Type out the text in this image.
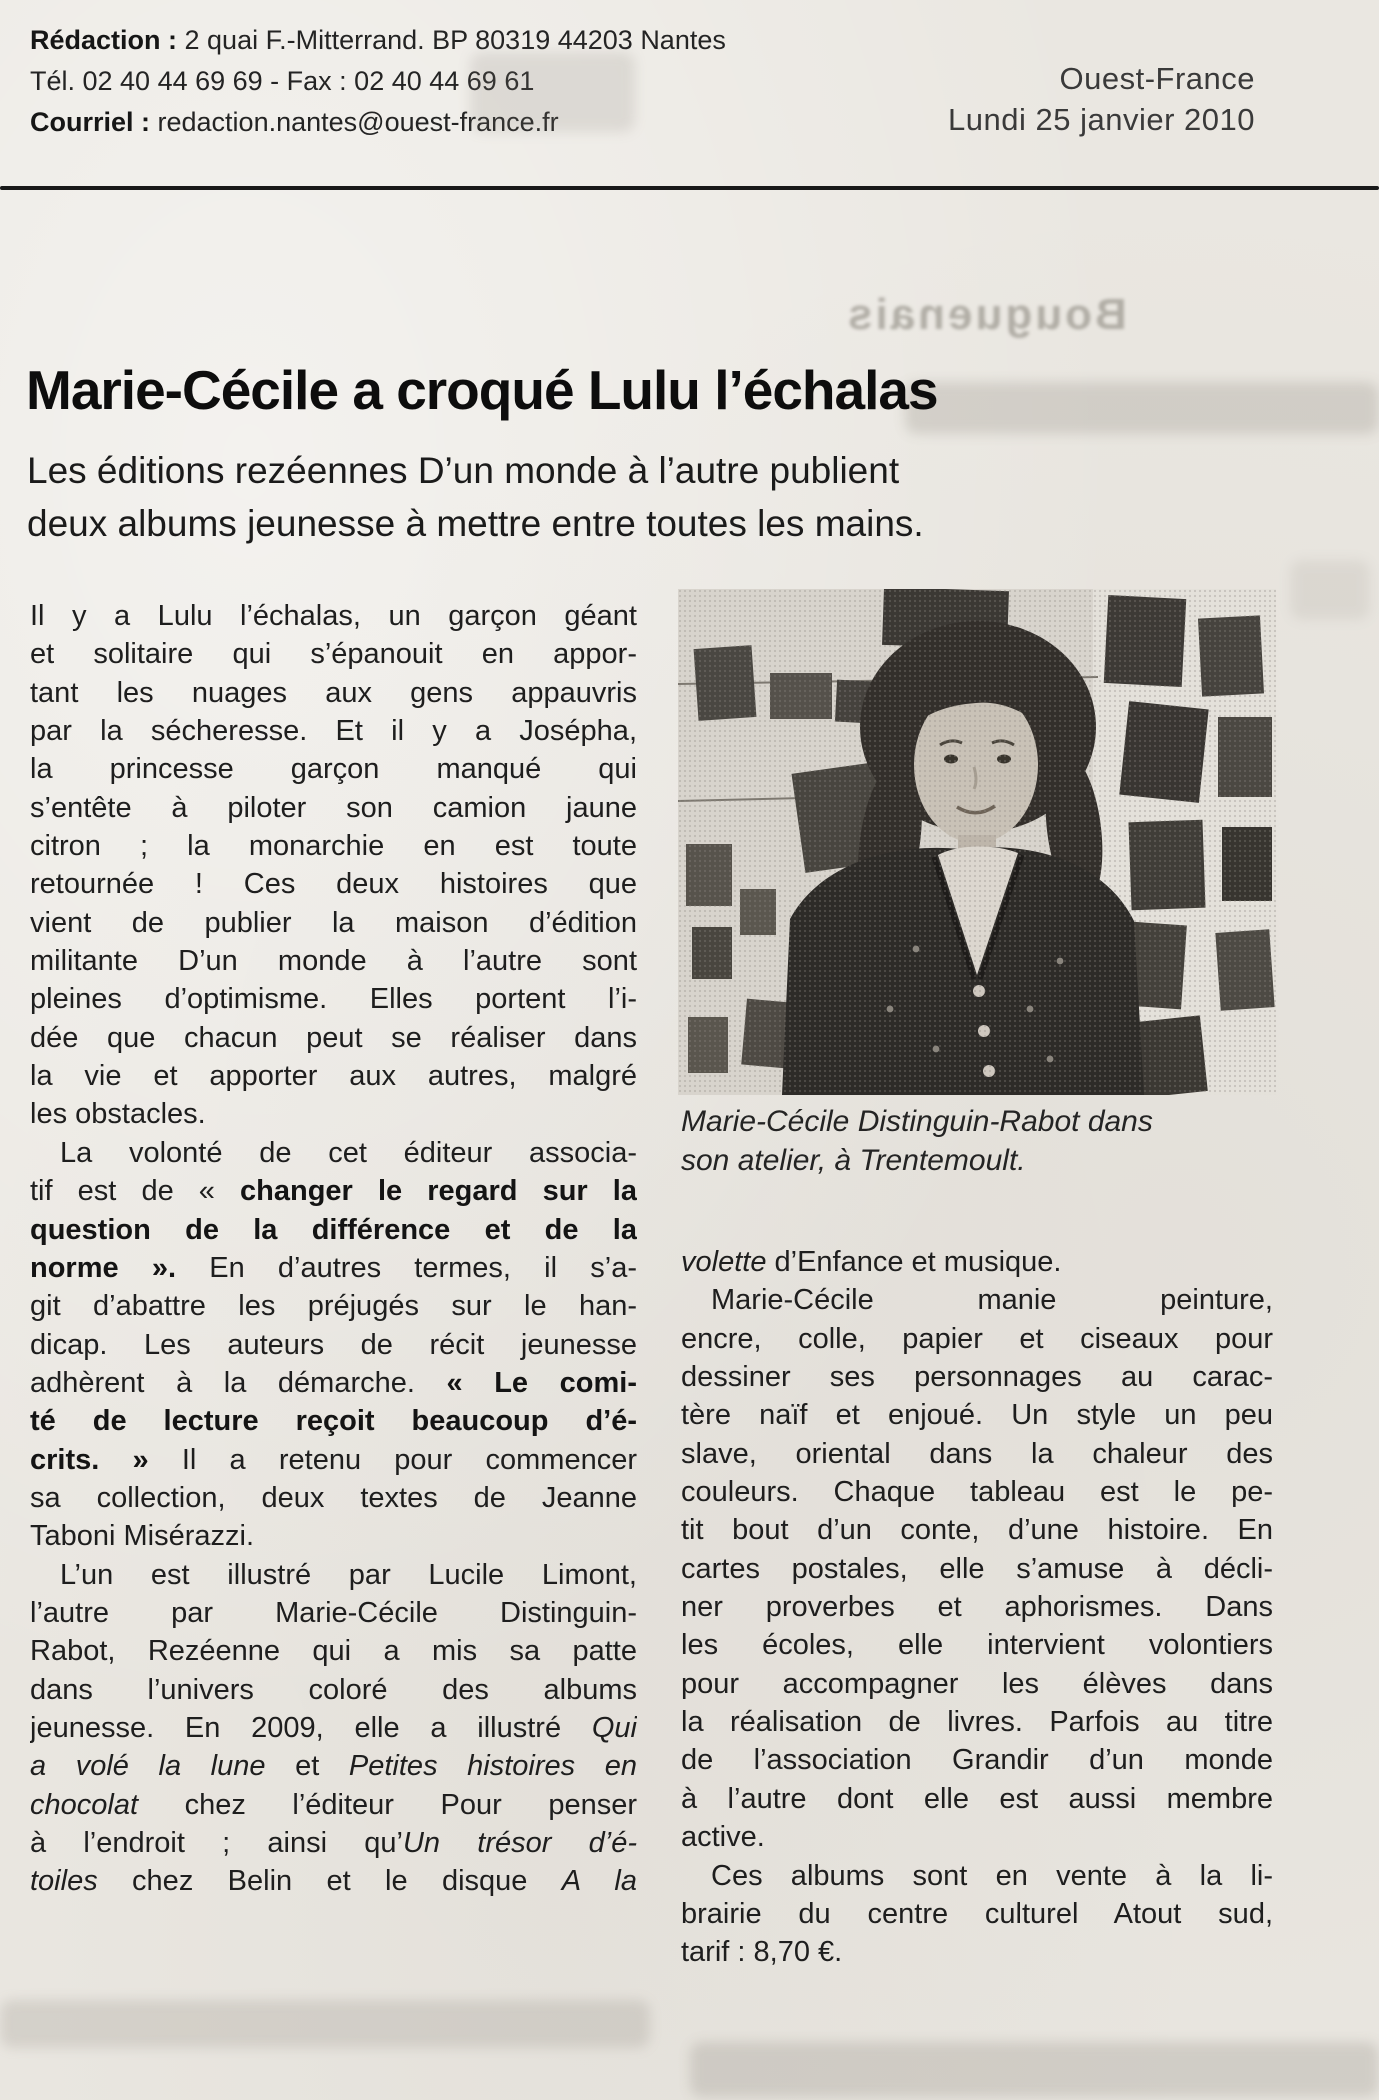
Rédaction : 2 quai F.-Mitterrand. BP 80319 44203 Nantes
Tél. 02 40 44 69 69 - Fax : 02 40 44 69 61
Courriel : redaction.nantes@ouest-france.fr
Ouest-France
Lundi 25 janvier 2010
Bouguenais
Marie-Cécile a croqué Lulu l’échalas
Les éditions rezéennes D’un monde à l’autre publient
deux albums jeunesse à mettre entre toutes les mains.
Marie-Cécile Distinguin-Rabot dans
son atelier, à Trentemoult.
Il y a Lulu l’échalas, un garçon géant
et solitaire qui s’épanouit en appor-
tant les nuages aux gens appauvris
par la sécheresse. Et il y a Josépha,
la princesse garçon manqué qui
s’entête à piloter son camion jaune
citron ; la monarchie en est toute
retournée ! Ces deux histoires que
vient de publier la maison d’édition
militante D’un monde à l’autre sont
pleines d’optimisme. Elles portent l’i-
dée que chacun peut se réaliser dans
la vie et apporter aux autres, malgré
les obstacles.
La volonté de cet éditeur associa-
tif est de « changer le regard sur la
question de la différence et de la
norme ». En d’autres termes, il s’a-
git d’abattre les préjugés sur le han-
dicap. Les auteurs de récit jeunesse
adhèrent à la démarche. « Le comi-
té de lecture reçoit beaucoup d’é-
crits. » Il a retenu pour commencer
sa collection, deux textes de Jeanne
Taboni Misérazzi.
L’un est illustré par Lucile Limont,
l’autre par Marie-Cécile Distinguin-
Rabot, Rezéenne qui a mis sa patte
dans l’univers coloré des albums
jeunesse. En 2009, elle a illustré Qui
a volé la lune et Petites histoires en
chocolat chez l’éditeur Pour penser
à l’endroit ; ainsi qu’Un trésor d’é-
toiles chez Belin et le disque A la
volette d’Enfance et musique.
Marie-Cécile manie peinture,
encre, colle, papier et ciseaux pour
dessiner ses personnages au carac-
tère naïf et enjoué. Un style un peu
slave, oriental dans la chaleur des
couleurs. Chaque tableau est le pe-
tit bout d’un conte, d’une histoire. En
cartes postales, elle s’amuse à décli-
ner proverbes et aphorismes. Dans
les écoles, elle intervient volontiers
pour accompagner les élèves dans
la réalisation de livres. Parfois au titre
de l’association Grandir d’un monde
à l’autre dont elle est aussi membre
active.
Ces albums sont en vente à la li-
brairie du centre culturel Atout sud,
tarif : 8,70 €.
